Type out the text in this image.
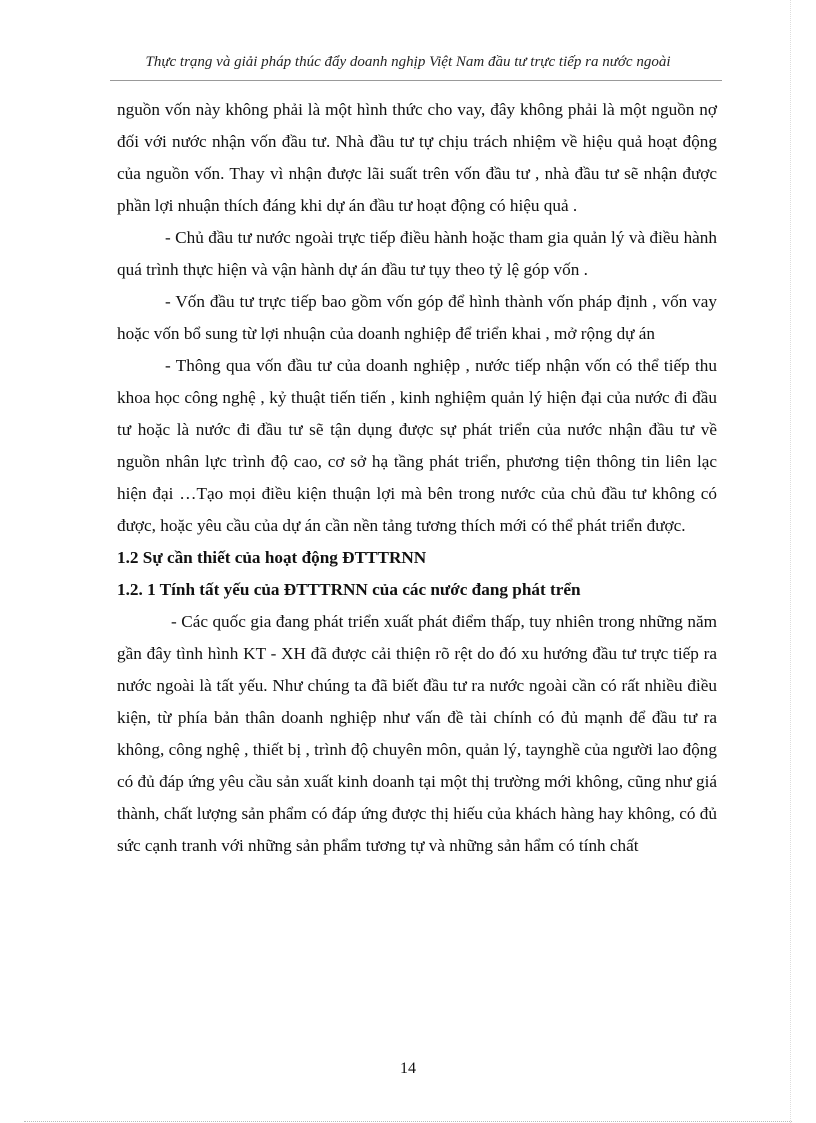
Thực trạng và giải pháp thúc đẩy doanh nghịp Việt Nam đầu tư trực tiếp ra nước ngoài

nguồn vốn này không phải là một hình thức cho vay, đây không phải là một nguồn nợ đối với nước nhận vốn đầu tư. Nhà đầu tư tự chịu trách nhiệm về hiệu quả hoạt động của nguồn vốn. Thay vì nhận được lãi suất trên vốn đầu tư , nhà đầu tư sẽ nhận được phần lợi nhuận thích đáng khi dự án đầu tư hoạt động có hiệu quả .

- Chủ đầu tư nước ngoài trực tiếp điều hành hoặc tham gia quản lý và điều hành quá trình thực hiện và vận hành dự án đầu tư tụy theo tỷ lệ góp vốn .

- Vốn đầu tư trực tiếp bao gồm vốn góp để hình thành vốn pháp định , vốn vay hoặc vốn bổ sung từ lợi nhuận của doanh nghiệp để triển khai , mở rộng dự án

- Thông qua vốn đầu tư của doanh nghiệp , nước tiếp nhận vốn có thể tiếp thu khoa học công nghệ , kỷ thuật tiến tiến , kinh nghiệm quản lý hiện đại của nước đi đầu tư hoặc là nước đi đầu tư sẽ tận dụng được sự phát triển của nước nhận đầu tư về nguồn nhân lực trình độ cao, cơ sở hạ tầng phát triển, phương tiện thông tin liên lạc hiện đại …Tạo mọi điều kiện thuận lợi mà bên trong nước của chủ đầu tư không có được, hoặc yêu cầu của dự án cần nền tảng tương thích mới có thể phát triển được.

1.2 Sự cần thiết của hoạt động ĐTTTRNN
1.2. 1 Tính tất yếu của ĐTTTRNN của các nước đang phát trển

- Các quốc gia đang phát triển xuất phát điểm thấp, tuy nhiên trong những năm gần đây tình hình KT - XH đã được cải thiện rõ rệt do đó xu hướng đầu tư trực tiếp ra nước ngoài là tất yếu. Như chúng ta đã biết đầu tư ra nước ngoài cần có rất nhiều điều kiện, từ phía bản thân doanh nghiệp như vấn đề tài chính có đủ mạnh để đầu tư ra không, công nghệ , thiết bị , trình độ chuyên môn, quản lý, taynghề của người lao động có đủ đáp ứng yêu cầu sản xuất kinh doanh tại một thị trường mới không, cũng như giá thành, chất lượng sản phẩm có đáp ứng được thị hiếu của khách hàng hay không, có đủ sức cạnh tranh với những sản phẩm tương tự và những sản hẩm có tính chất

14
